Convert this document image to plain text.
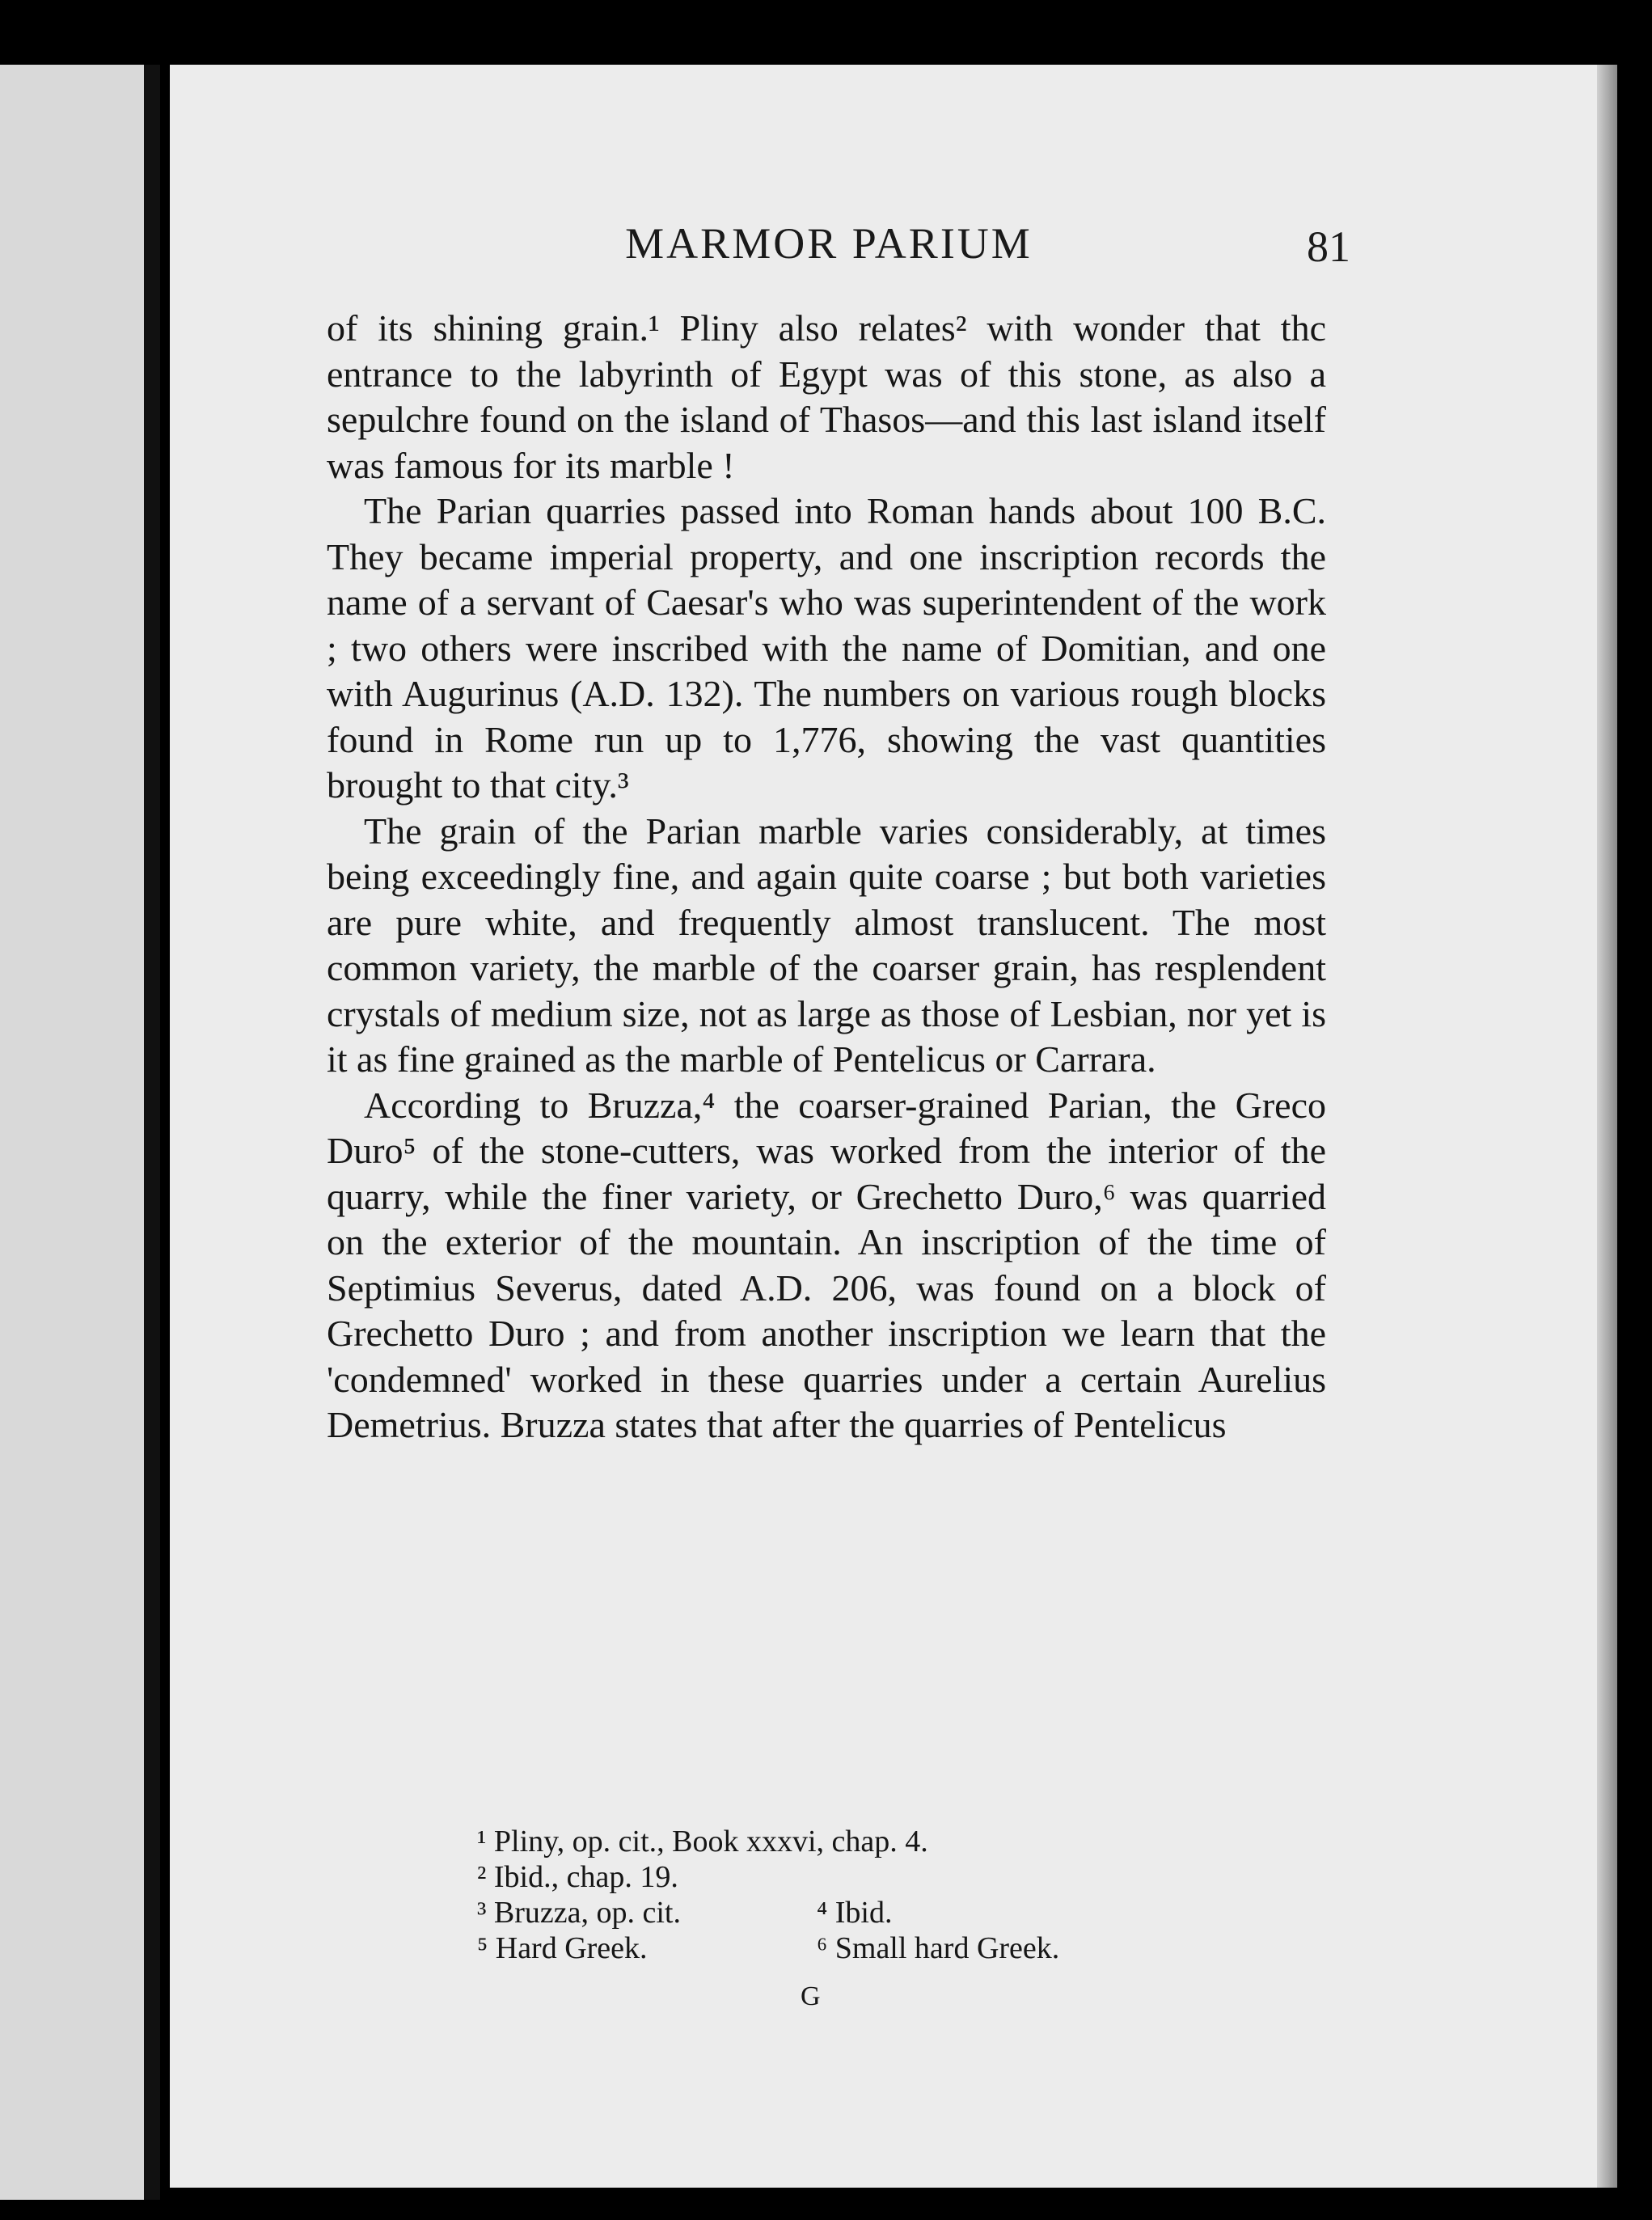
MARMOR PARIUM	81

of its shining grain.¹ Pliny also relates² with wonder that thc entrance to the labyrinth of Egypt was of this stone, as also a sepulchre found on the island of Thasos—and this last island itself was famous for its marble !

The Parian quarries passed into Roman hands about 100 B.C. They became imperial property, and one inscription records the name of a servant of Caesar's who was superintendent of the work ; two others were inscribed with the name of Domitian, and one with Augurinus (A.D. 132). The numbers on various rough blocks found in Rome run up to 1,776, showing the vast quantities brought to that city.³

The grain of the Parian marble varies considerably, at times being exceedingly fine, and again quite coarse ; but both varieties are pure white, and frequently almost translucent. The most common variety, the marble of the coarser grain, has resplendent crystals of medium size, not as large as those of Lesbian, nor yet is it as fine grained as the marble of Pentelicus or Carrara.

According to Bruzza,⁴ the coarser-grained Parian, the Greco Duro⁵ of the stone-cutters, was worked from the interior of the quarry, while the finer variety, or Grechetto Duro,⁶ was quarried on the exterior of the mountain. An inscription of the time of Septimius Severus, dated A.D. 206, was found on a block of Grechetto Duro ; and from another inscription we learn that the 'condemned' worked in these quarries under a certain Aurelius Demetrius. Bruzza states that after the quarries of Pentelicus

¹ Pliny, op. cit., Book xxxvi, chap. 4.
² Ibid., chap. 19.
³ Bruzza, op. cit.	⁴ Ibid.
⁵ Hard Greek.	⁶ Small hard Greek.
G
